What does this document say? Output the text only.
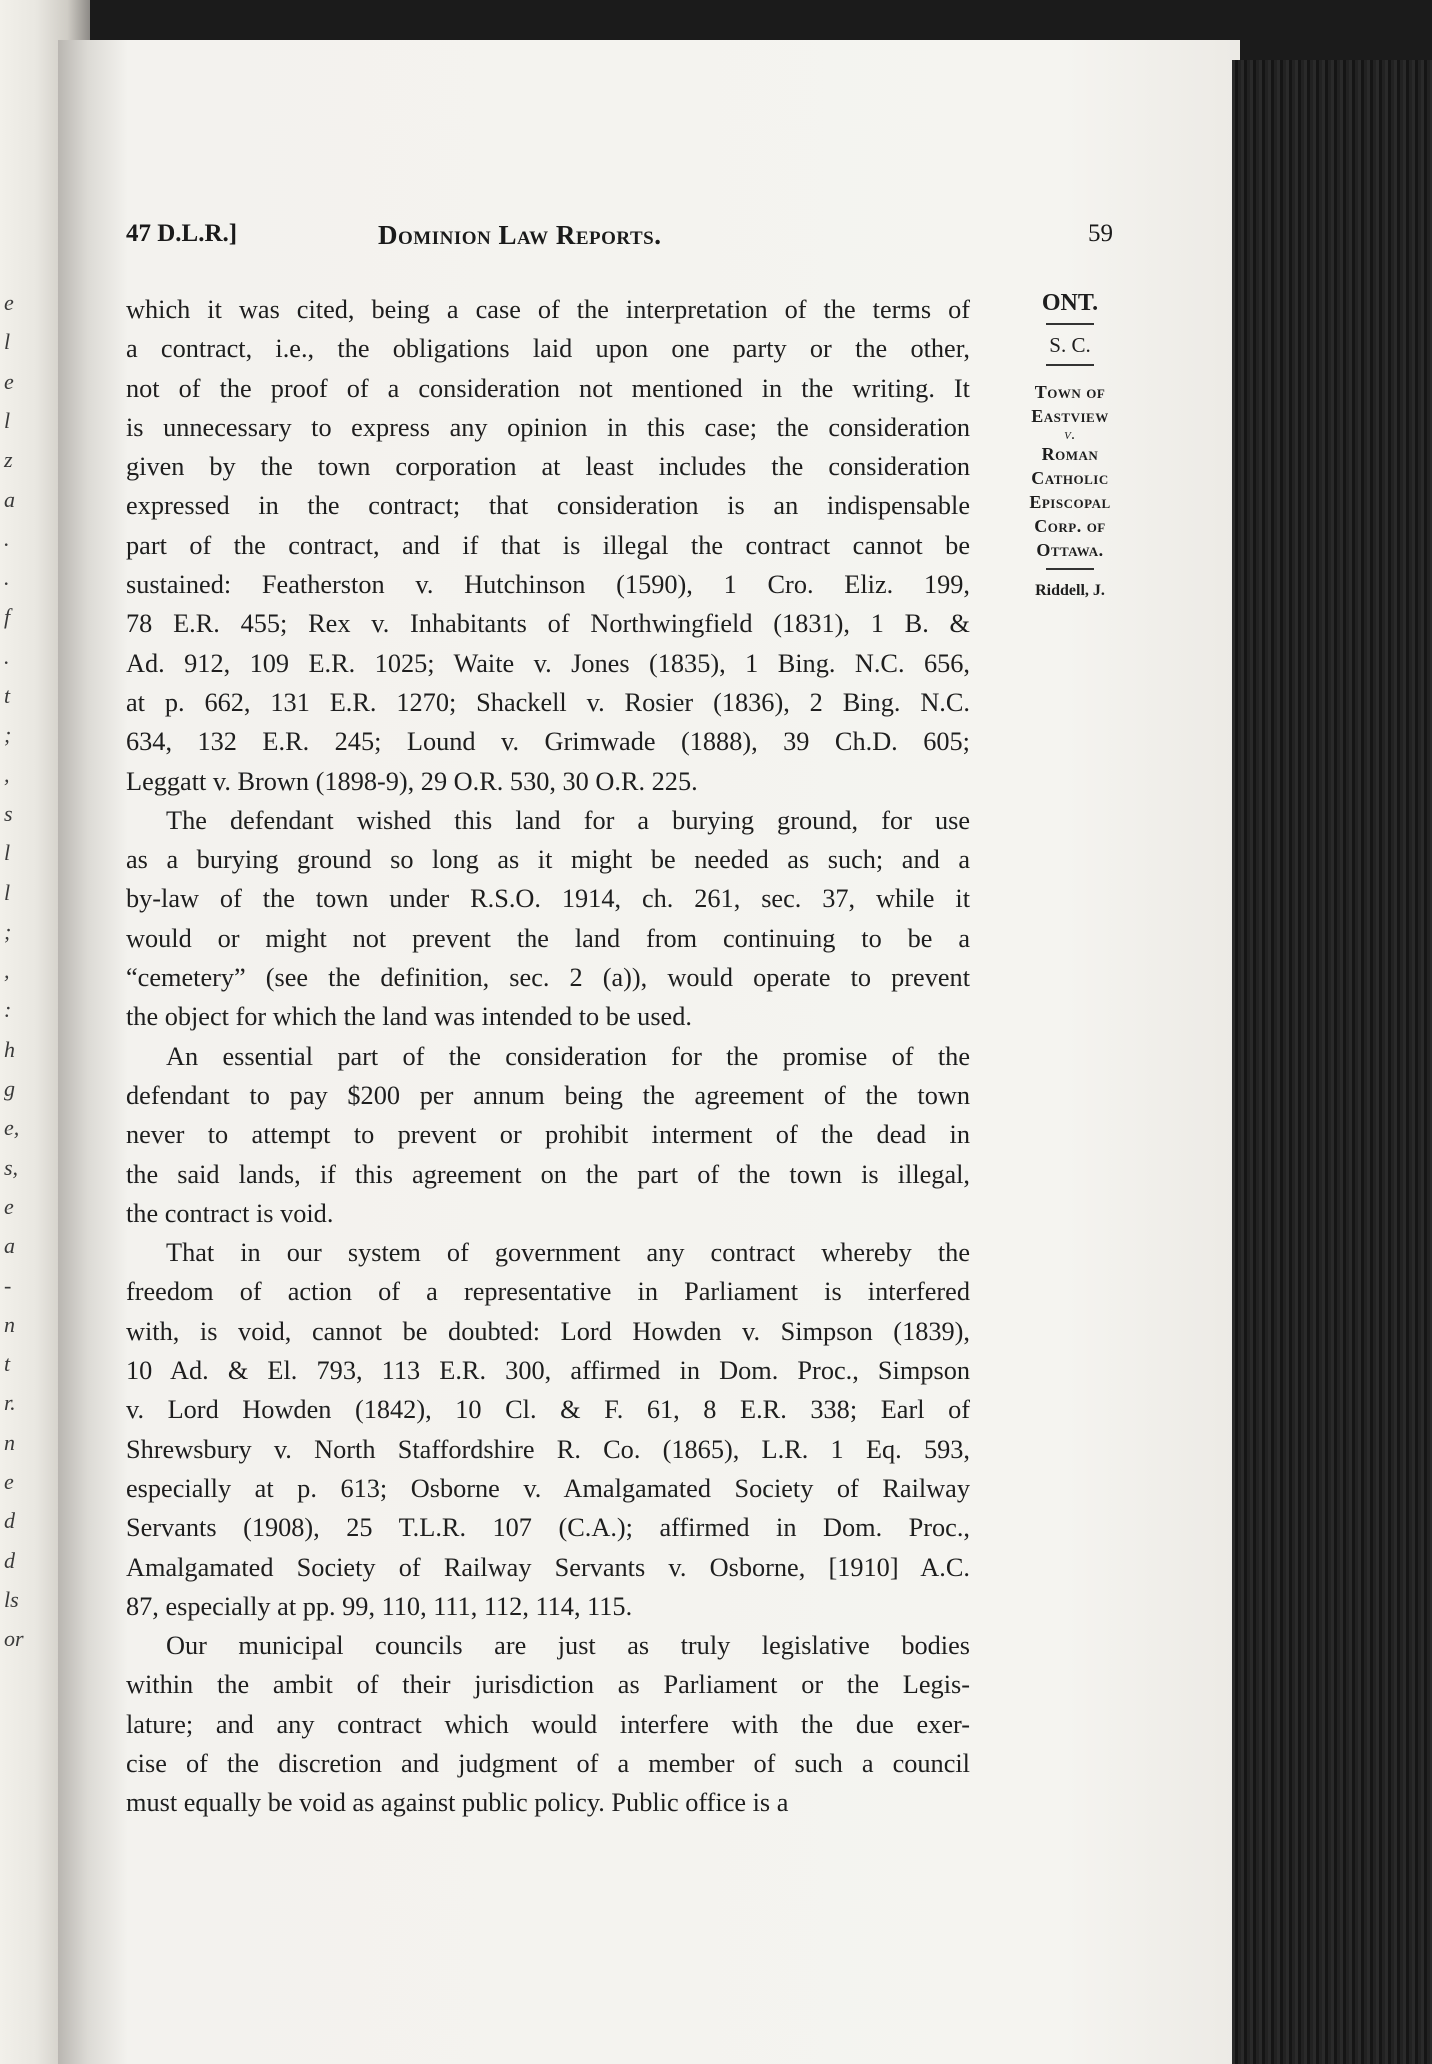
e
l
e
l
z
a
.
.
f
.
t
;
,
s
l
l
;
,
:
h
g
e,
s,
e
a
-
n
t
r.
n
e
d
d
ls
or
47 D.L.R.]	Dominion Law Reports.	59
ONT.
S. C.
Town of
Eastview
v.
Roman
Catholic
Episcopal
Corp. of
Ottawa.
Riddell, J.

which it was cited, being a case of the interpretation of the terms of
a contract, i.e., the obligations laid upon one party or the other,
not of the proof of a consideration not mentioned in the writing. It
is unnecessary to express any opinion in this case; the consideration
given by the town corporation at least includes the consideration
expressed in the contract; that consideration is an indispensable
part of the contract, and if that is illegal the contract cannot be
sustained: Featherston v. Hutchinson (1590), 1 Cro. Eliz. 199,
78 E.R. 455; Rex v. Inhabitants of Northwingfield (1831), 1 B. &
Ad. 912, 109 E.R. 1025; Waite v. Jones (1835), 1 Bing. N.C. 656,
at p. 662, 131 E.R. 1270; Shackell v. Rosier (1836), 2 Bing. N.C.
634, 132 E.R. 245; Lound v. Grimwade (1888), 39 Ch.D. 605;
Leggatt v. Brown (1898-9), 29 O.R. 530, 30 O.R. 225.

The defendant wished this land for a burying ground, for use
as a burying ground so long as it might be needed as such; and a
by-law of the town under R.S.O. 1914, ch. 261, sec. 37, while it
would or might not prevent the land from continuing to be a
“cemetery” (see the definition, sec. 2 (a)), would operate to prevent
the object for which the land was intended to be used.

An essential part of the consideration for the promise of the
defendant to pay $200 per annum being the agreement of the town
never to attempt to prevent or prohibit interment of the dead in
the said lands, if this agreement on the part of the town is illegal,
the contract is void.

That in our system of government any contract whereby the
freedom of action of a representative in Parliament is interfered
with, is void, cannot be doubted: Lord Howden v. Simpson (1839),
10 Ad. & El. 793, 113 E.R. 300, affirmed in Dom. Proc., Simpson
v. Lord Howden (1842), 10 Cl. & F. 61, 8 E.R. 338; Earl of
Shrewsbury v. North Staffordshire R. Co. (1865), L.R. 1 Eq. 593,
especially at p. 613; Osborne v. Amalgamated Society of Railway
Servants (1908), 25 T.L.R. 107 (C.A.); affirmed in Dom. Proc.,
Amalgamated Society of Railway Servants v. Osborne, [1910] A.C.
87, especially at pp. 99, 110, 111, 112, 114, 115.

Our municipal councils are just as truly legislative bodies
within the ambit of their jurisdiction as Parliament or the Legis-
lature; and any contract which would interfere with the due exer-
cise of the discretion and judgment of a member of such a council
must equally be void as against public policy. Public office is a
